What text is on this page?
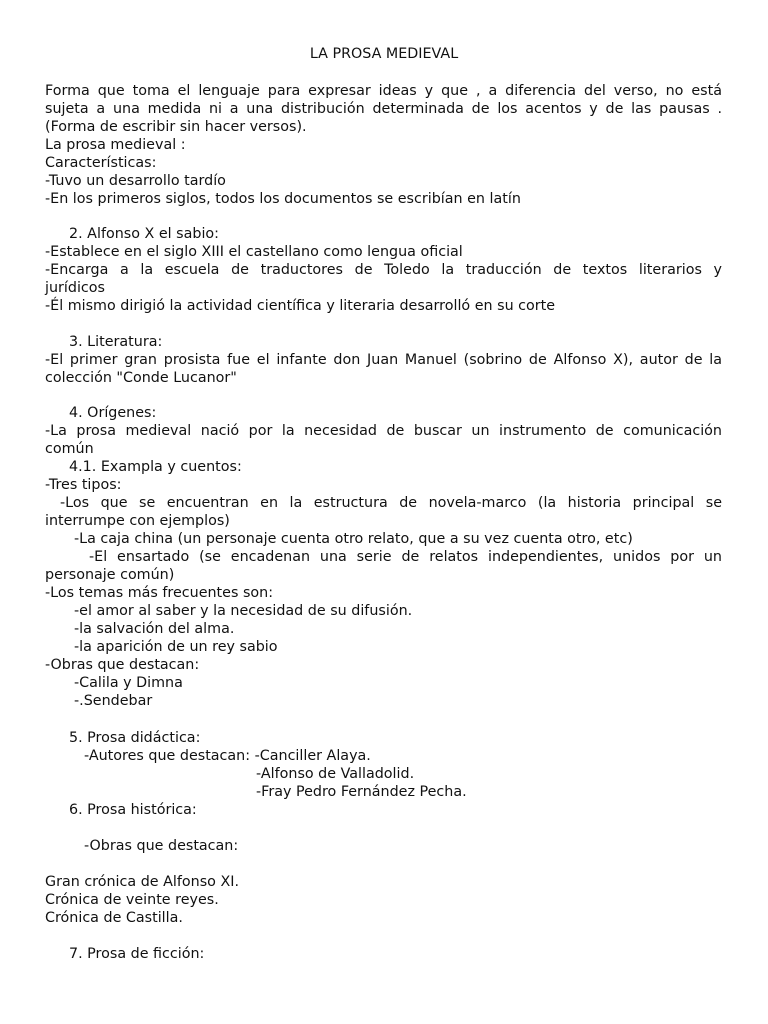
LA PROSA MEDIEVAL
Forma que toma el lenguaje para expresar ideas y que , a diferencia del verso, no está
sujeta a una medida ni a una distribución determinada de los acentos y de las pausas .
(Forma de escribir sin hacer versos).
La prosa medieval :
Características:
-Tuvo un desarrollo tardío
-En los primeros siglos, todos los documentos se escribían en latín
2. Alfonso X el sabio:
-Establece en el siglo XIII el castellano como lengua oficial
-Encarga a la escuela de traductores de Toledo la traducción de textos literarios y
jurídicos
-Él mismo dirigió la actividad científica y literaria desarrolló en su corte
3. Literatura:
-El primer gran prosista fue el infante don Juan Manuel (sobrino de Alfonso X), autor de la
colección "Conde Lucanor"
4. Orígenes:
-La prosa medieval nació por la necesidad de buscar un instrumento de comunicación
común
4.1. Exampla y cuentos:
-Tres tipos:
-Los que se encuentran en la estructura de novela-marco (la historia principal se
interrumpe con ejemplos)
-La caja china (un personaje cuenta otro relato, que a su vez cuenta otro, etc)
-El ensartado (se encadenan una serie de relatos independientes, unidos por un
personaje común)
-Los temas más frecuentes son:
-el amor al saber y la necesidad de su difusión.
-la salvación del alma.
-la aparición de un rey sabio
-Obras que destacan:
-Calila y Dimna
-.Sendebar
5. Prosa didáctica:
-Autores que destacan: -Canciller Alaya.
-Alfonso de Valladolid.
-Fray Pedro Fernández Pecha.
6. Prosa histórica:
-Obras que destacan:
Gran crónica de Alfonso XI.
Crónica de veinte reyes.
Crónica de Castilla.
7. Prosa de ficción:
